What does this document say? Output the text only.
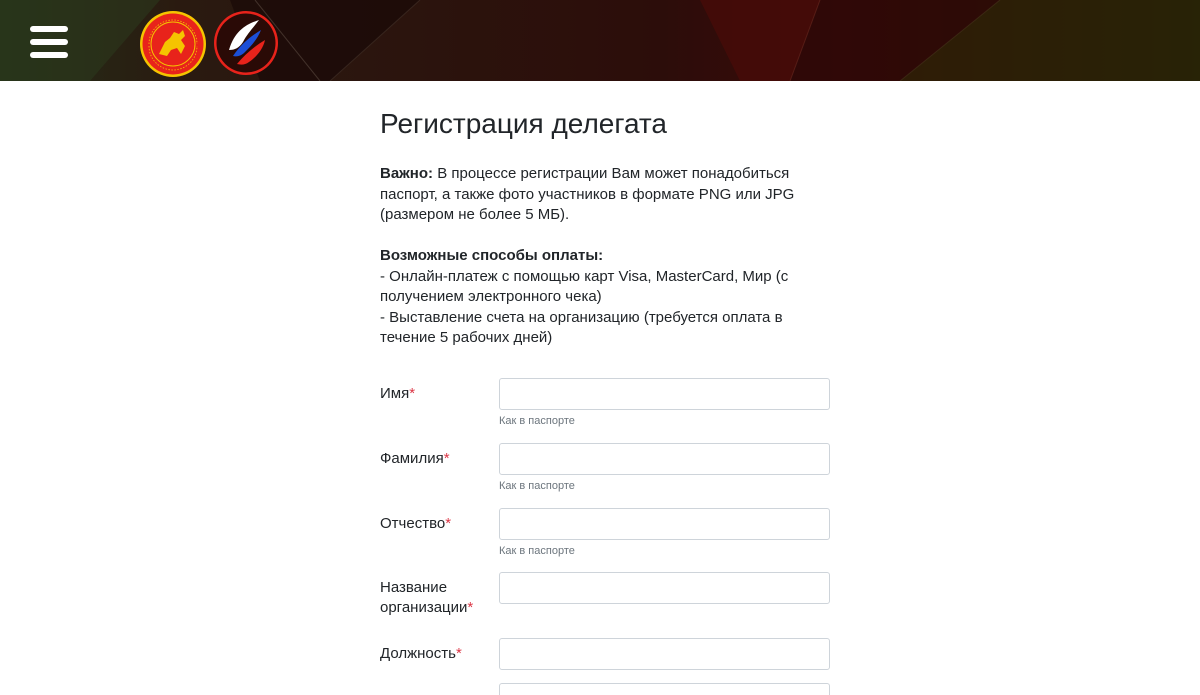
Регистрация делегата

Важно: В процессе регистрации Вам может понадобиться паспорт, а также фото участников в формате PNG или JPG (размером не более 5 МБ).

Возможные способы оплаты:

- Онлайн-платеж с помощью карт Visa, MasterCard, Мир (с получением электронного чека)

- Выставление счета на организацию (требуется оплата в течение 5 рабочих дней)

Имя*
Как в паспорте
Фамилия*
Как в паспорте
Отчество*
Как в паспорте
Название организации*
Должность*
